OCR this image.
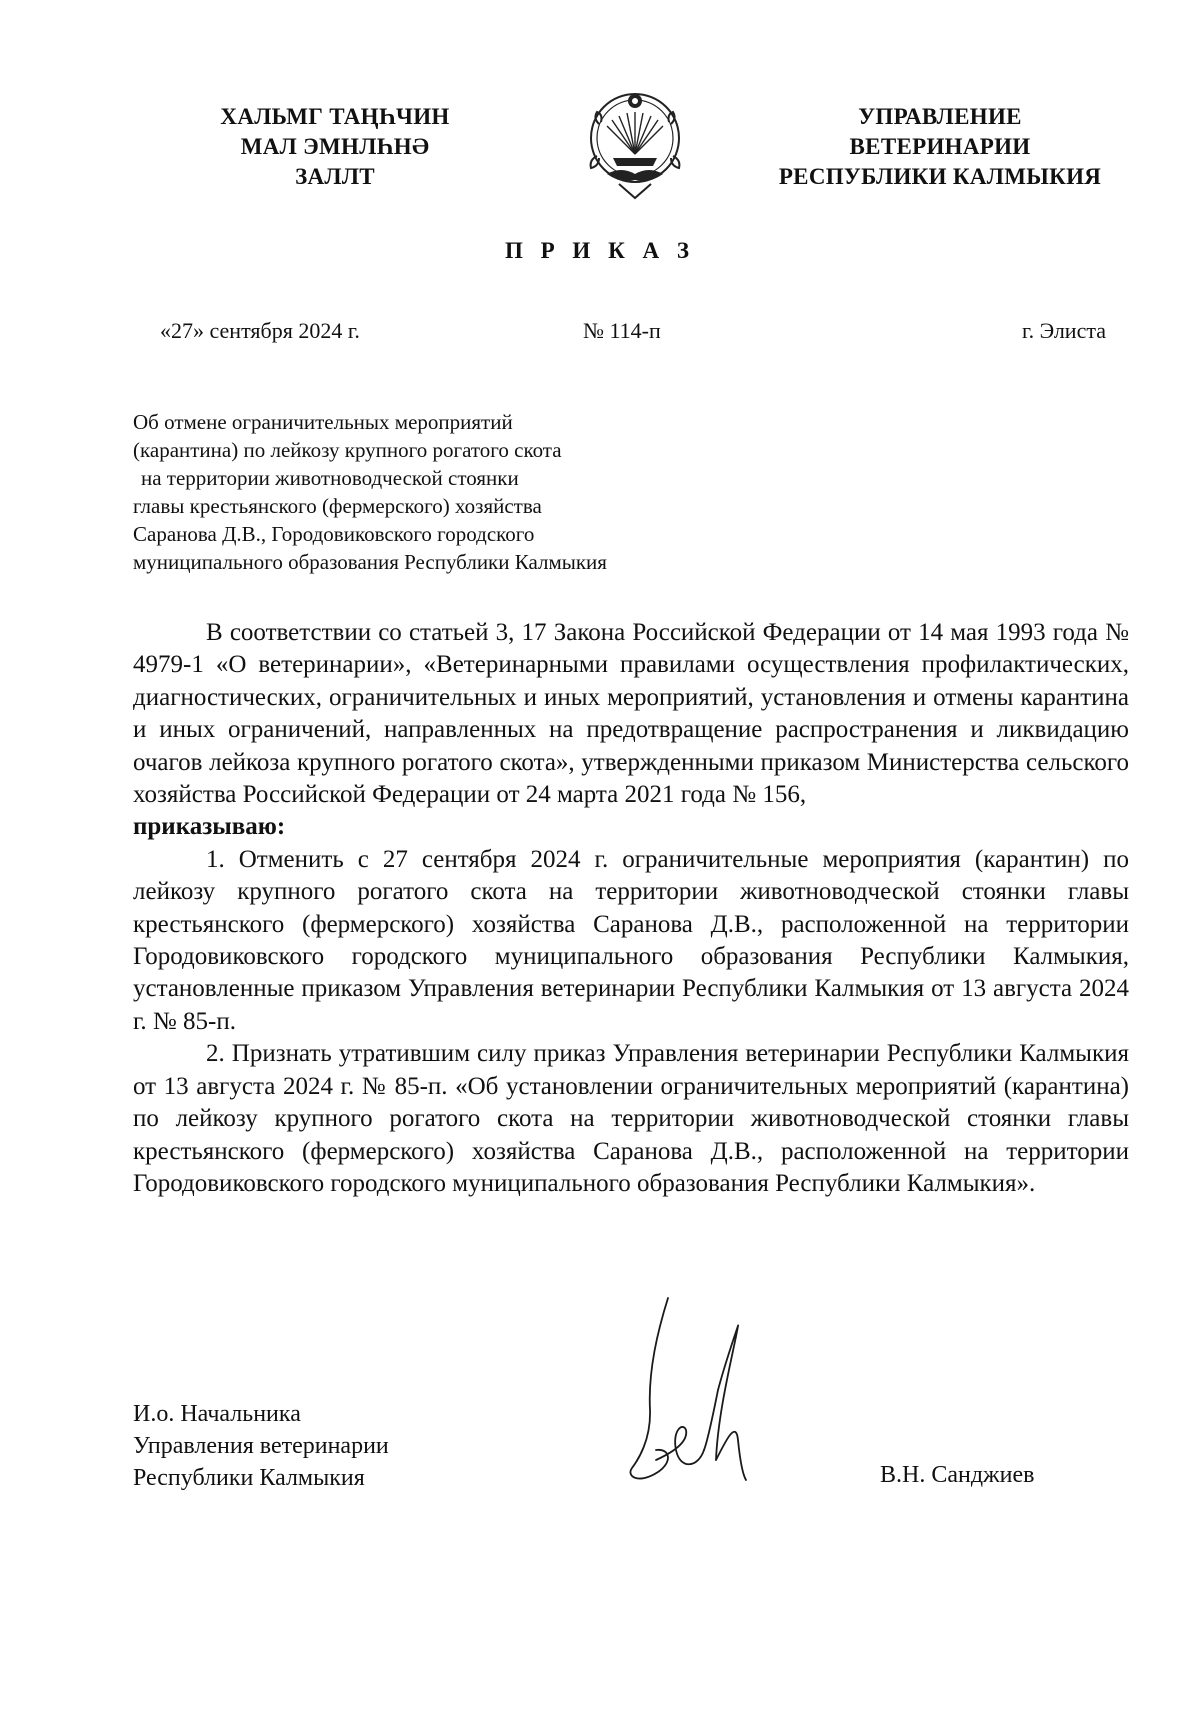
ХАЛЬМГ ТАҢҺЧИН
МАЛ ЭМНЛҺНӘ
ЗАЛЛТ
УПРАВЛЕНИЕ
ВЕТЕРИНАРИИ
РЕСПУБЛИКИ КАЛМЫКИЯ
П Р И К А З
«27» сентября 2024 г.	№ 114-п	г. Элиста
Об отмене ограничительных мероприятий
(карантина) по лейкозу крупного рогатого скота
на территории животноводческой стоянки
главы крестьянского (фермерского) хозяйства
Саранова Д.В., Городовиковского городского
муниципального образования Республики Калмыкия

В соответствии со статьей 3, 17 Закона Российской Федерации от 14 мая 1993 года № 4979-1 «О ветеринарии», «Ветеринарными правилами осуществления профилактических, диагностических, ограничительных и иных мероприятий, установления и отмены карантина и иных ограничений, направленных на предотвращение распространения и ликвидацию очагов лейкоза крупного рогатого скота», утвержденными приказом Министерства сельского хозяйства Российской Федерации от 24 марта 2021 года № 156,

приказываю:

1. Отменить с 27 сентября 2024 г. ограничительные мероприятия (карантин) по лейкозу крупного рогатого скота на территории животноводческой стоянки главы крестьянского (фермерского) хозяйства Саранова Д.В., расположенной на территории Городовиковского городского муниципального образования Республики Калмыкия, установленные приказом Управления ветеринарии Республики Калмыкия от 13 августа 2024 г. № 85-п.

2. Признать утратившим силу приказ Управления ветеринарии Республики Калмыкия от 13 августа 2024 г. № 85-п. «Об установлении ограничительных мероприятий (карантина) по лейкозу крупного рогатого скота на территории животноводческой стоянки главы крестьянского (фермерского) хозяйства Саранова Д.В., расположенной на территории Городовиковского городского муниципального образования Республики Калмыкия».

И.о. Начальника
Управления ветеринарии
Республики Калмыкия	В.Н. Санджиев
